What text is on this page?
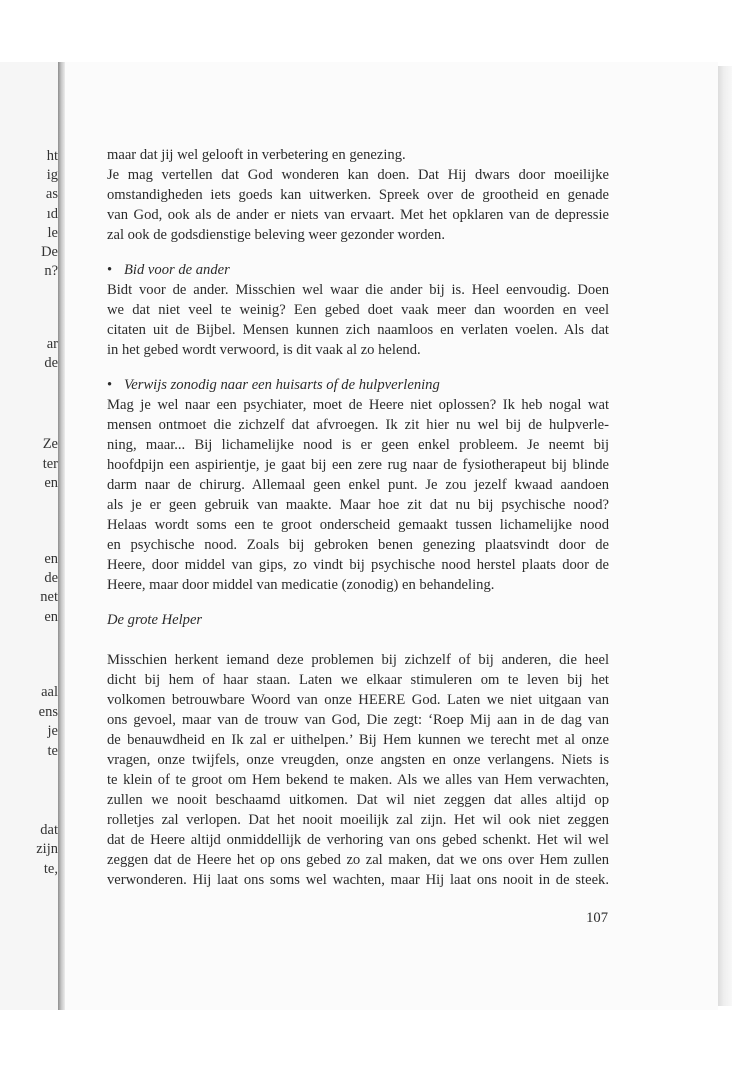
ht
ig
as
ıd
le
De
n?
ar
de
Ze
ter
en
en
de
net
en
aal
ens
je
te
dat
zijn
te,
maar dat jij wel gelooft in verbetering en genezing.
Je mag vertellen dat God wonderen kan doen. Dat Hij dwars door moeilijke
omstandigheden iets goeds kan uitwerken. Spreek over de grootheid en genade
van God, ook als de ander er niets van ervaart. Met het opklaren van de depressie
zal ook de godsdienstige beleving weer gezonder worden.
• Bid voor de ander
Bidt voor de ander. Misschien wel waar die ander bij is. Heel eenvoudig. Doen
we dat niet veel te weinig? Een gebed doet vaak meer dan woorden en veel
citaten uit de Bijbel. Mensen kunnen zich naamloos en verlaten voelen. Als dat
in het gebed wordt verwoord, is dit vaak al zo helend.
• Verwijs zonodig naar een huisarts of de hulpverlening
Mag je wel naar een psychiater, moet de Heere niet oplossen? Ik heb nogal wat
mensen ontmoet die zichzelf dat afvroegen. Ik zit hier nu wel bij de hulpverle-
ning, maar... Bij lichamelijke nood is er geen enkel probleem. Je neemt bij
hoofdpijn een aspirientje, je gaat bij een zere rug naar de fysiotherapeut bij blinde
darm naar de chirurg. Allemaal geen enkel punt. Je zou jezelf kwaad aandoen
als je er geen gebruik van maakte. Maar hoe zit dat nu bij psychische nood?
Helaas wordt soms een te groot onderscheid gemaakt tussen lichamelijke nood
en psychische nood. Zoals bij gebroken benen genezing plaatsvindt door de
Heere, door middel van gips, zo vindt bij psychische nood herstel plaats door de
Heere, maar door middel van medicatie (zonodig) en behandeling.
De grote Helper
Misschien herkent iemand deze problemen bij zichzelf of bij anderen, die heel
dicht bij hem of haar staan. Laten we elkaar stimuleren om te leven bij het
volkomen betrouwbare Woord van onze HEERE God. Laten we niet uitgaan van
ons gevoel, maar van de trouw van God, Die zegt: ‘Roep Mij aan in de dag van
de benauwdheid en Ik zal er uithelpen.’ Bij Hem kunnen we terecht met al onze
vragen, onze twijfels, onze vreugden, onze angsten en onze verlangens. Niets is
te klein of te groot om Hem bekend te maken. Als we alles van Hem verwachten,
zullen we nooit beschaamd uitkomen. Dat wil niet zeggen dat alles altijd op
rolletjes zal verlopen. Dat het nooit moeilijk zal zijn. Het wil ook niet zeggen
dat de Heere altijd onmiddellijk de verhoring van ons gebed schenkt. Het wil wel
zeggen dat de Heere het op ons gebed zo zal maken, dat we ons over Hem zullen
verwonderen. Hij laat ons soms wel wachten, maar Hij laat ons nooit in de steek.
107
